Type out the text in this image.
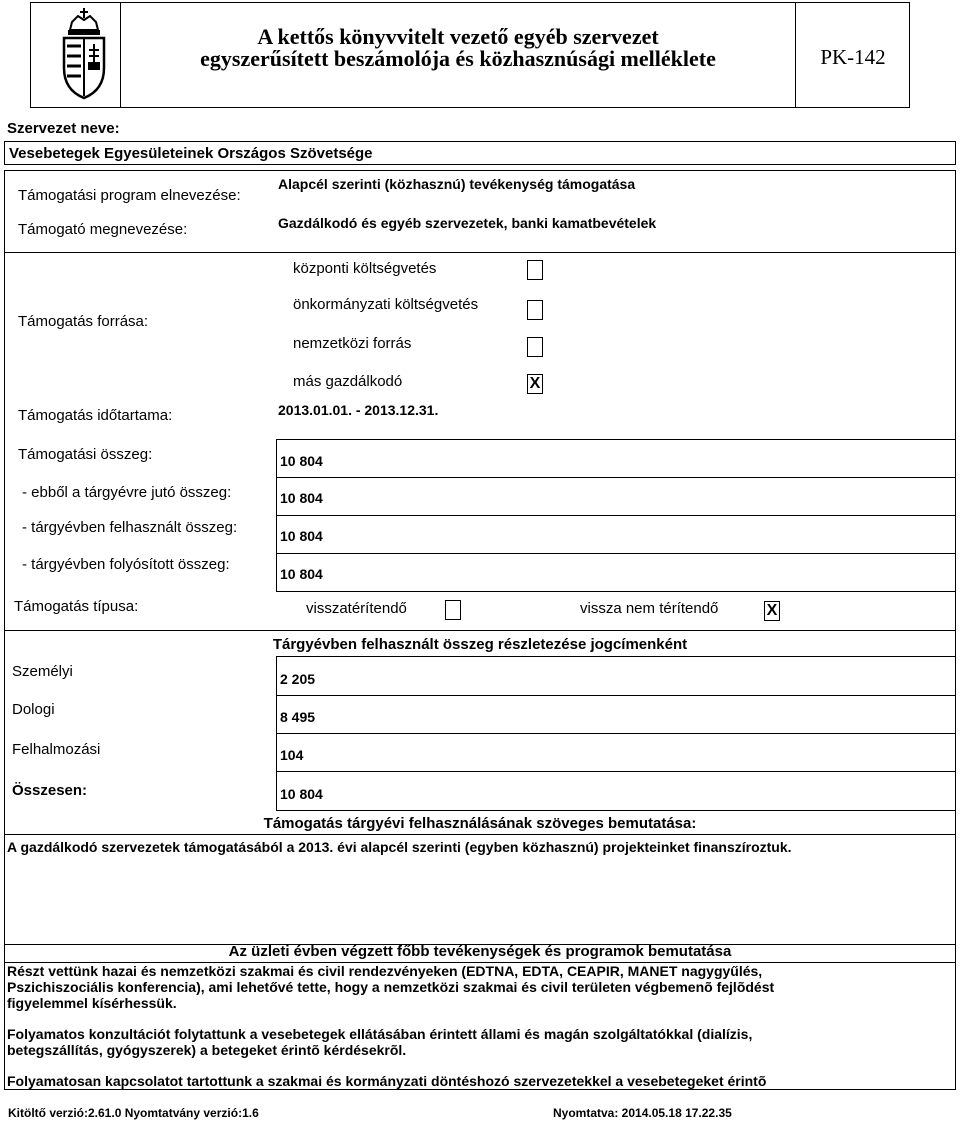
A kettős könyvvitelt vezető egyéb szervezet
egyszerűsített beszámolója és közhasznúsági melléklete	PK-142
Szervezet neve:
Vesebetegek Egyesületeinek Országos Szövetsége
Támogatási program elnevezése:
Alapcél szerinti (közhasznú) tevékenység támogatása
Támogató megnevezése:	Gazdálkodó és egyéb szervezetek, banki kamatbevételek
Támogatás forrása:
központi költségvetés
önkormányzati költségvetés
nemzetközi forrás
más gazdálkodó	X
Támogatás időtartama:	2013.01.01. - 2013.12.31.
Támogatási összeg:	10 804
- ebből a tárgyévre jutó összeg:	10 804
- tárgyévben felhasznált összeg:	10 804
- tárgyévben folyósított összeg:
10 804
Támogatás típusa:	visszatérítendő	vissza nem térítendő	X
Tárgyévben felhasznált összeg részletezése jogcímenként
Személyi	2 205
Dologi	8 495
Felhalmozási	104
Összesen:	10 804
Támogatás tárgyévi felhasználásának szöveges bemutatása:
A gazdálkodó szervezetek támogatásából a 2013. évi alapcél szerinti (egyben közhasznú) projekteinket finanszíroztuk.
Az üzleti évben végzett főbb tevékenységek és programok bemutatása
Részt vettünk hazai és nemzetközi szakmai és civil rendezvényeken (EDTNA, EDTA, CEAPIR, MANET nagygyűlés,
Pszichiszociális konferencia), ami lehetővé tette, hogy a nemzetközi szakmai és civil területen végbemenõ fejlõdést
figyelemmel kísérhessük.
Folyamatos konzultációt folytattunk a vesebetegek ellátásában érintett állami és magán szolgáltatókkal (dialízis,
betegszállítás, gyógyszerek) a betegeket érintõ kérdésekrõl.
Folyamatosan kapcsolatot tartottunk a szakmai és kormányzati döntéshozó szervezetekkel a vesebetegeket érintõ
Kitöltő verzió:2.61.0 Nyomtatvány verzió:1.6	Nyomtatva: 2014.05.18 17.22.35
